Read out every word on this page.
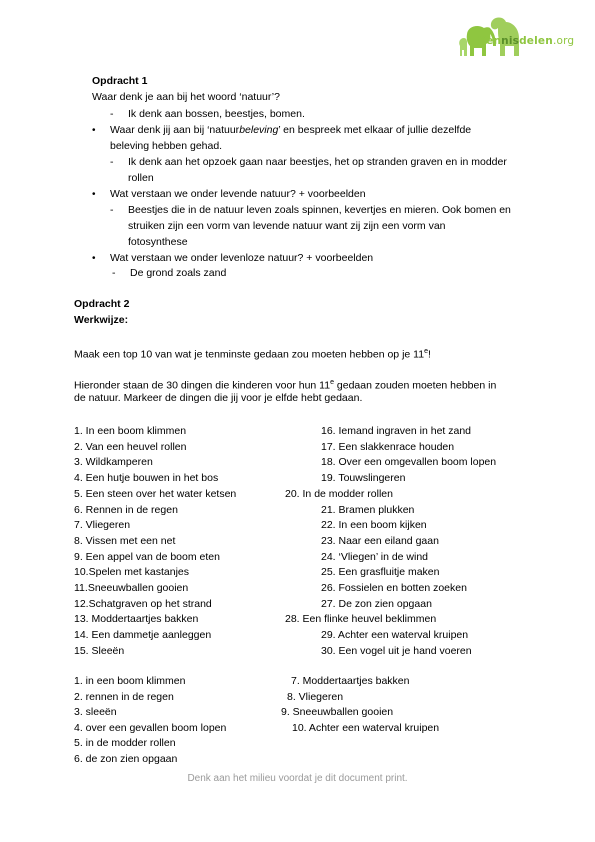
Kennisdelen.org
Opdracht 1
Waar denk je aan bij het woord ‘natuur’?
- Ik denk aan bossen, beestjes, bomen.
• Waar denk jij aan bij ‘natuurbeleving’ en bespreek met elkaar of jullie dezelfde
beleving hebben gehad.
- Ik denk aan het opzoek gaan naar beestjes, het op stranden graven en in modder
rollen
• Wat verstaan we onder levende natuur? + voorbeelden
- Beestjes die in de natuur leven zoals spinnen, kevertjes en mieren. Ook bomen en
struiken zijn een vorm van levende natuur want zij zijn een vorm van
fotosynthese
• Wat verstaan we onder levenloze natuur? + voorbeelden
- De grond zoals zand
Opdracht 2
Werkwijze:
Maak een top 10 van wat je tenminste gedaan zou moeten hebben op je 11e!
Hieronder staan de 30 dingen die kinderen voor hun 11e gedaan zouden moeten hebben in
de natuur. Markeer de dingen die jij voor je elfde hebt gedaan.
1. In een boom klimmen
2. Van een heuvel rollen
3. Wildkamperen
4. Een hutje bouwen in het bos
5. Een steen over het water ketsen
6. Rennen in de regen
7. Vliegeren
8. Vissen met een net
9. Een appel van de boom eten
10.Spelen met kastanjes
11.Sneeuwballen gooien
12.Schatgraven op het strand
13. Moddertaartjes bakken
14. Een dammetje aanleggen
15. Sleeën
16. Iemand ingraven in het zand
17. Een slakkenrace houden
18. Over een omgevallen boom lopen
19. Touwslingeren
20. In de modder rollen
21. Bramen plukken
22. In een boom kijken
23. Naar een eiland gaan
24. ‘Vliegen’ in de wind
25. Een grasfluitje maken
26. Fossielen en botten zoeken
27. De zon zien opgaan
28. Een flinke heuvel beklimmen
29. Achter een waterval kruipen
30. Een vogel uit je hand voeren
1. in een boom klimmen
2. rennen in de regen
3. sleeën
4. over een gevallen boom lopen
5. in de modder rollen
6. de zon zien opgaan
7. Moddertaartjes bakken
8. Vliegeren
9. Sneeuwballen gooien
10. Achter een waterval kruipen
Denk aan het milieu voordat je dit document print.
